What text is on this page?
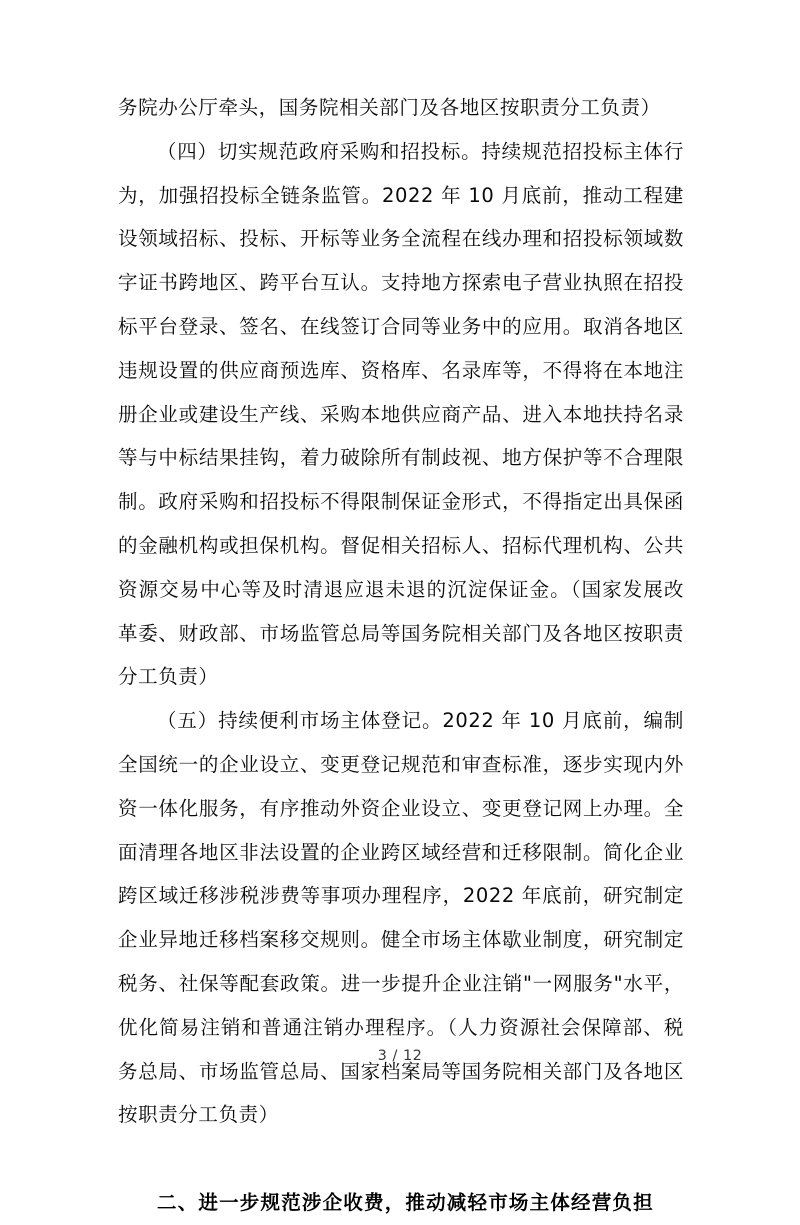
务院办公厅牵头，国务院相关部门及各地区按职责分工负责）

（四）切实规范政府采购和招投标。持续规范招投标主体行为，加强招投标全链条监管。2022 年 10 月底前，推动工程建设领域招标、投标、开标等业务全流程在线办理和招投标领域数字证书跨地区、跨平台互认。支持地方探索电子营业执照在招投标平台登录、签名、在线签订合同等业务中的应用。取消各地区违规设置的供应商预选库、资格库、名录库等，不得将在本地注册企业或建设生产线、采购本地供应商产品、进入本地扶持名录等与中标结果挂钩，着力破除所有制歧视、地方保护等不合理限制。政府采购和招投标不得限制保证金形式，不得指定出具保函的金融机构或担保机构。督促相关招标人、招标代理机构、公共资源交易中心等及时清退应退未退的沉淀保证金。（国家发展改革委、财政部、市场监管总局等国务院相关部门及各地区按职责分工负责）

（五）持续便利市场主体登记。2022 年 10 月底前，编制全国统一的企业设立、变更登记规范和审查标准，逐步实现内外资一体化服务，有序推动外资企业设立、变更登记网上办理。全面清理各地区非法设置的企业跨区域经营和迁移限制。简化企业跨区域迁移涉税涉费等事项办理程序，2022 年底前，研究制定企业异地迁移档案移交规则。健全市场主体歇业制度，研究制定税务、社保等配套政策。进一步提升企业注销"一网服务"水平，优化简易注销和普通注销办理程序。（人力资源社会保障部、税务总局、市场监管总局、国家档案局等国务院相关部门及各地区按职责分工负责）

二、进一步规范涉企收费，推动减轻市场主体经营负担

3 / 12
